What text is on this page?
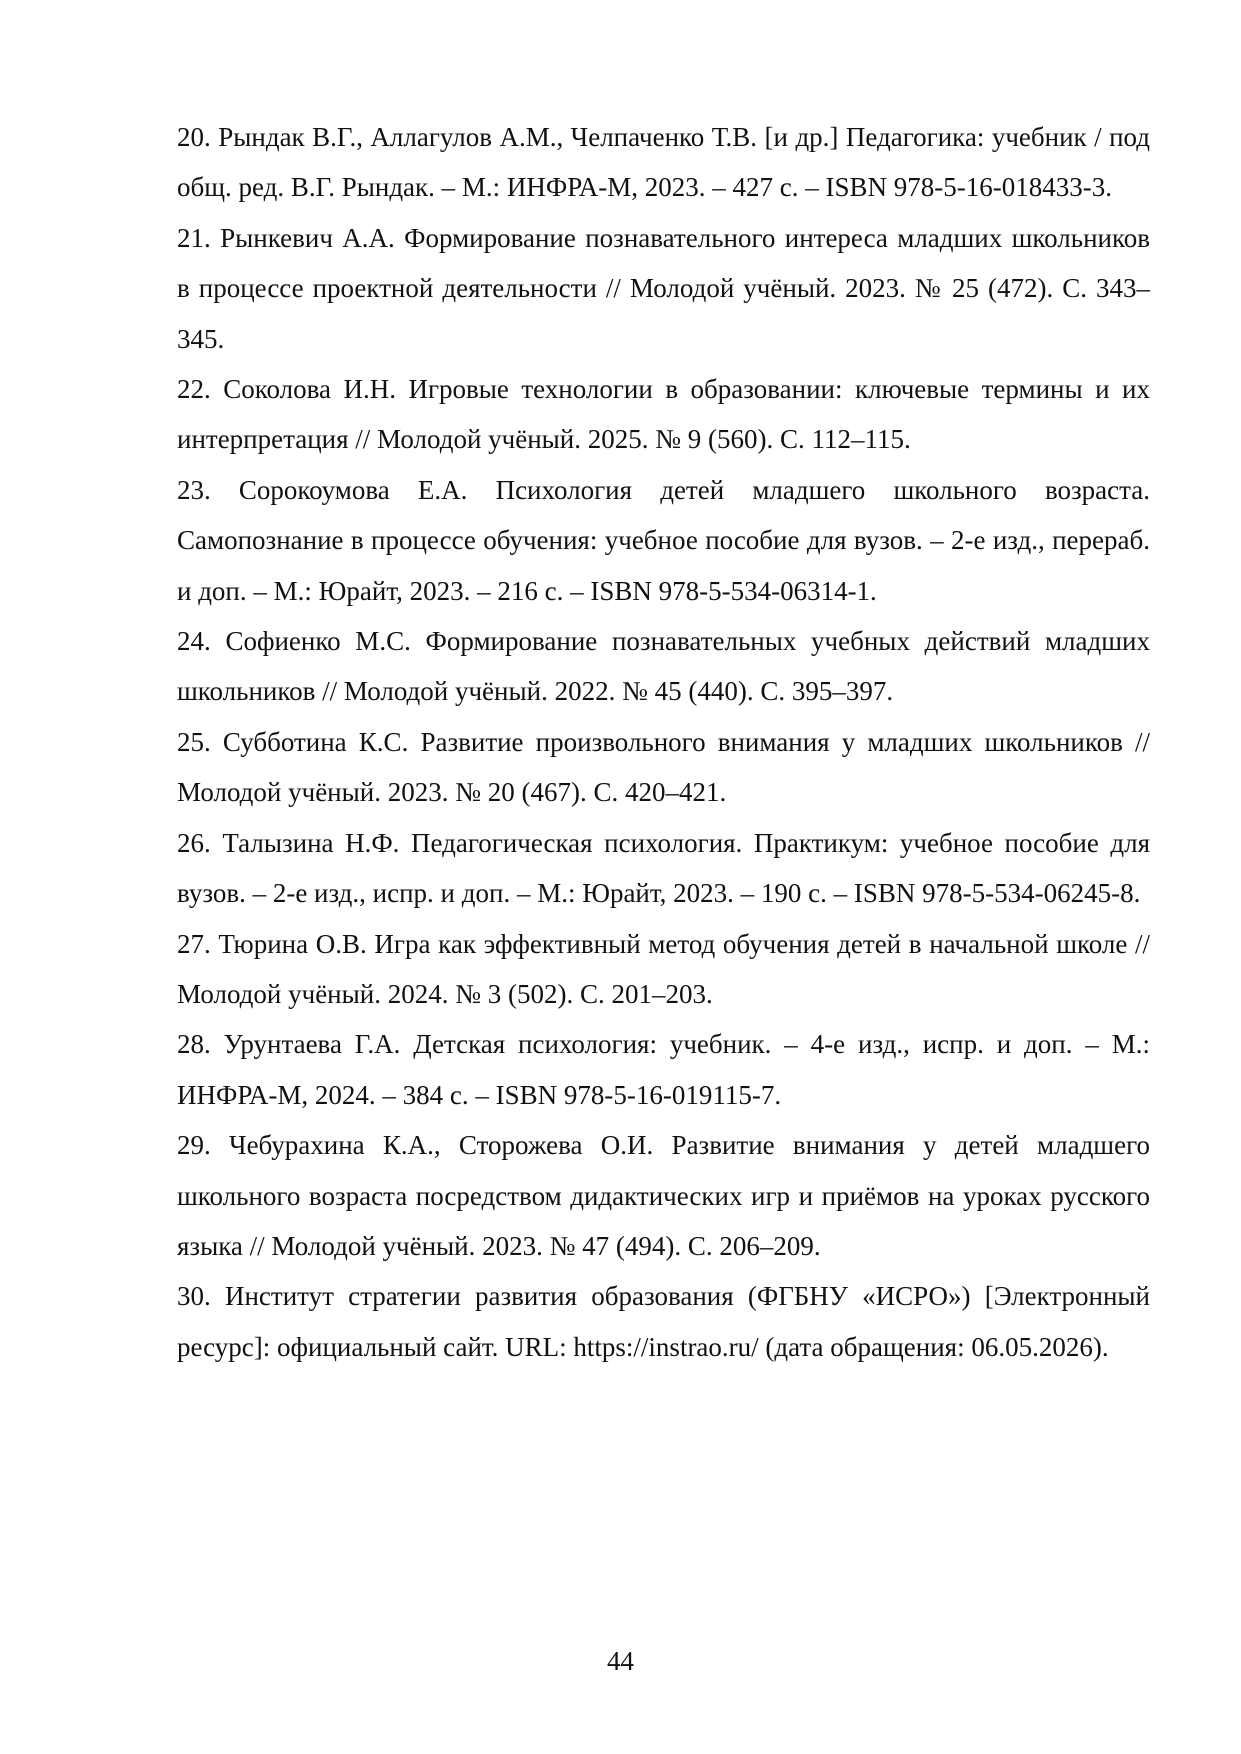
20. Рындак В.Г., Аллагулов А.М., Челпаченко Т.В. [и др.] Педагогика: учебник / под общ. ред. В.Г. Рындак. – М.: ИНФРА-М, 2023. – 427 с. – ISBN 978-5-16-018433-3.
21. Рынкевич А.А. Формирование познавательного интереса младших школьников в процессе проектной деятельности // Молодой учёный. 2023. № 25 (472). С. 343–345.
22. Соколова И.Н. Игровые технологии в образовании: ключевые термины и их интерпретация // Молодой учёный. 2025. № 9 (560). С. 112–115.
23. Сорокоумова Е.А. Психология детей младшего школьного возраста. Самопознание в процессе обучения: учебное пособие для вузов. – 2-е изд., перераб. и доп. – М.: Юрайт, 2023. – 216 с. – ISBN 978-5-534-06314-1.
24. Софиенко М.С. Формирование познавательных учебных действий младших школьников // Молодой учёный. 2022. № 45 (440). С. 395–397.
25. Субботина К.С. Развитие произвольного внимания у младших школьников // Молодой учёный. 2023. № 20 (467). С. 420–421.
26. Талызина Н.Ф. Педагогическая психология. Практикум: учебное пособие для вузов. – 2-е изд., испр. и доп. – М.: Юрайт, 2023. – 190 с. – ISBN 978-5-534-06245-8.
27. Тюрина О.В. Игра как эффективный метод обучения детей в начальной школе // Молодой учёный. 2024. № 3 (502). С. 201–203.
28. Урунтаева Г.А. Детская психология: учебник. – 4-е изд., испр. и доп. – М.: ИНФРА-М, 2024. – 384 с. – ISBN 978-5-16-019115-7.
29. Чебурахина К.А., Сторожева О.И. Развитие внимания у детей младшего школьного возраста посредством дидактических игр и приёмов на уроках русского языка // Молодой учёный. 2023. № 47 (494). С. 206–209.
30. Институт стратегии развития образования (ФГБНУ «ИСРО») [Электронный ресурс]: официальный сайт. URL: https://instrao.ru/ (дата обращения: 06.05.2026).
44
